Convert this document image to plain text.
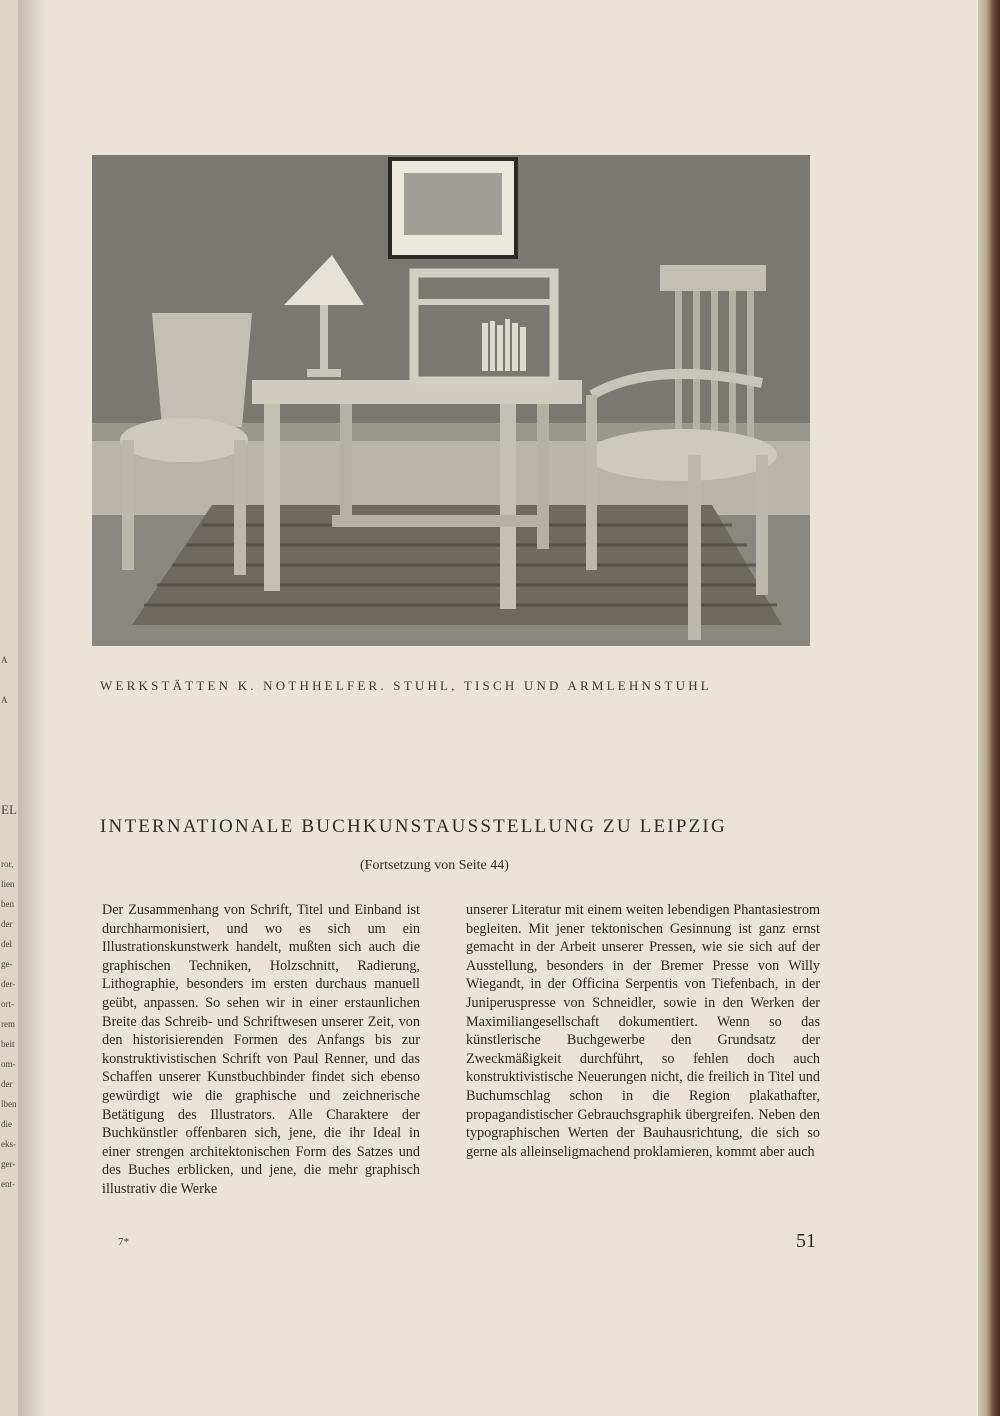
A
A
EL
ror,
lien
ben
der
del
ge-
der-
ort-
rem
beit
om-
der
lben
die
eks-
ger-
ent-
WERKSTÄTTEN K. NOTHHELFER. STUHL, TISCH UND ARMLEHNSTUHL
INTERNATIONALE BUCHKUNSTAUSSTELLUNG ZU LEIPZIG
(Fortsetzung von Seite 44)

Der Zusammenhang von Schrift, Titel und Einband ist durchharmonisiert, und wo es sich um ein Illustrationskunstwerk handelt, mußten sich auch die graphischen Techniken, Holzschnitt, Radierung, Lithographie, besonders im ersten durchaus manuell geübt, anpassen. So sehen wir in einer erstaunlichen Breite das Schreib- und Schriftwesen unserer Zeit, von den historisierenden Formen des Anfangs bis zur konstruktivistischen Schrift von Paul Renner, und das Schaffen unserer Kunstbuchbinder findet sich ebenso gewürdigt wie die graphische und zeichnerische Betätigung des Illustrators. Alle Charaktere der Buchkünstler offenbaren sich, jene, die ihr Ideal in einer strengen architektonischen Form des Satzes und des Buches erblicken, und jene, die mehr graphisch illustrativ die Werke

unserer Literatur mit einem weiten lebendigen Phantasiestrom begleiten. Mit jener tektonischen Gesinnung ist ganz ernst gemacht in der Arbeit unserer Pressen, wie sie sich auf der Ausstellung, besonders in der Bremer Presse von Willy Wiegandt, in der Officina Serpentis von Tiefenbach, in der Juniperuspresse von Schneidler, sowie in den Werken der Maximiliangesellschaft dokumentiert. Wenn so das künstlerische Buchgewerbe den Grundsatz der Zweckmäßigkeit durchführt, so fehlen doch auch konstruktivistische Neuerungen nicht, die freilich in Titel und Buchumschlag schon in die Region plakathafter, propagandistischer Gebrauchsgraphik übergreifen. Neben den typographischen Werten der Bauhausrichtung, die sich so gerne als alleinseligmachend proklamieren, kommt aber auch

7*	51
